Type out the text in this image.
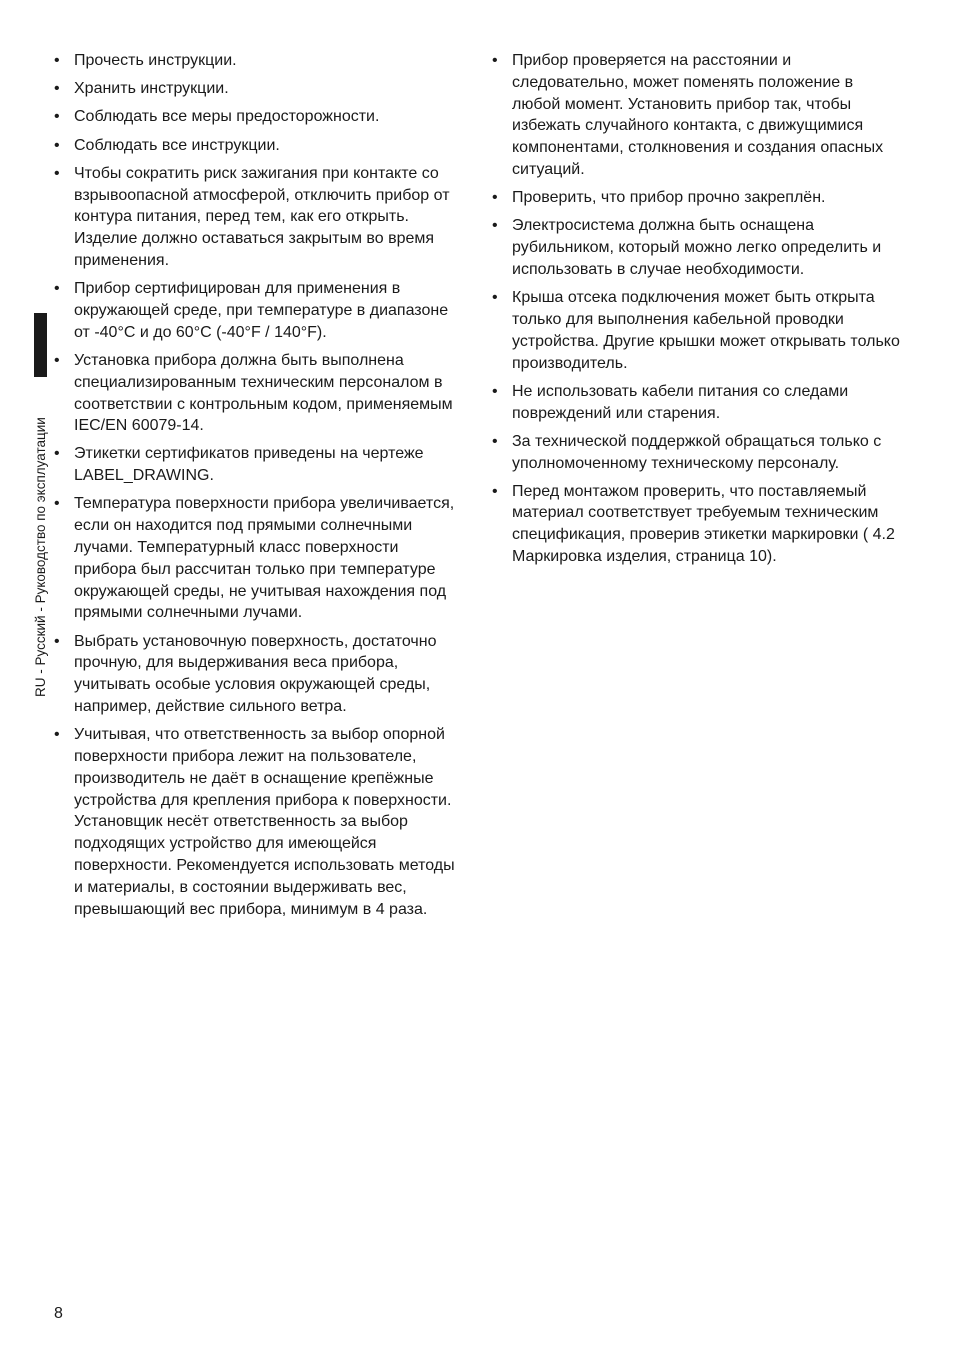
RU - Русский - Руководство по эксплуатации
• Прочесть инструкции.
• Хранить инструкции.
• Соблюдать все меры предосторожности.
• Соблюдать все инструкции.
• Чтобы сократить риск зажигания при контакте со взрывоопасной атмосферой, отключить прибор от контура питания, перед тем, как его открыть. Изделие должно оставаться закрытым во время применения.
• Прибор сертифицирован для применения в окружающей среде, при температуре в диапазоне от -40°C и до 60°C (-40°F / 140°F).
• Установка прибора должна быть выполнена специализированным техническим персоналом в соответствии с контрольным кодом, применяемым IEC/EN 60079-14.
• Этикетки сертификатов приведены на чертеже LABEL_DRAWING.
• Температура поверхности прибора увеличивается, если он находится под прямыми солнечными лучами. Температурный класс поверхности прибора был рассчитан только при температуре окружающей среды, не учитывая нахождения под прямыми солнечными лучами.
• Выбрать установочную поверхность, достаточно прочную, для выдерживания веса прибора, учитывать особые условия окружающей среды, например, действие сильного ветра.
• Учитывая, что ответственность за выбор опорной поверхности прибора лежит на пользователе, производитель не даёт в оснащение крепёжные устройства для крепления прибора к поверхности. Установщик несёт ответственность за выбор подходящих устройство для имеющейся поверхности. Рекомендуется использовать методы и материалы, в состоянии выдерживать вес, превышающий вес прибора, минимум в 4 раза.
• Прибор проверяется на расстоянии и следовательно, может поменять положение в любой момент. Установить прибор так, чтобы избежать случайного контакта, с движущимися компонентами, столкновения и создания опасных ситуаций.
• Проверить, что прибор прочно закреплён.
• Электросистема должна быть оснащена рубильником, который можно легко определить и использовать в случае необходимости.
• Крыша отсека подключения может быть открыта только для выполнения кабельной проводки устройства. Другие крышки может открывать только производитель.
• Не использовать кабели питания со следами повреждений или старения.
• За технической поддержкой обращаться только с уполномоченному техническому персоналу.
• Перед монтажом проверить, что поставляемый материал соответствует требуемым техническим спецификация, проверив этикетки маркировки ( 4.2 Маркировка изделия, страница 10).
8
